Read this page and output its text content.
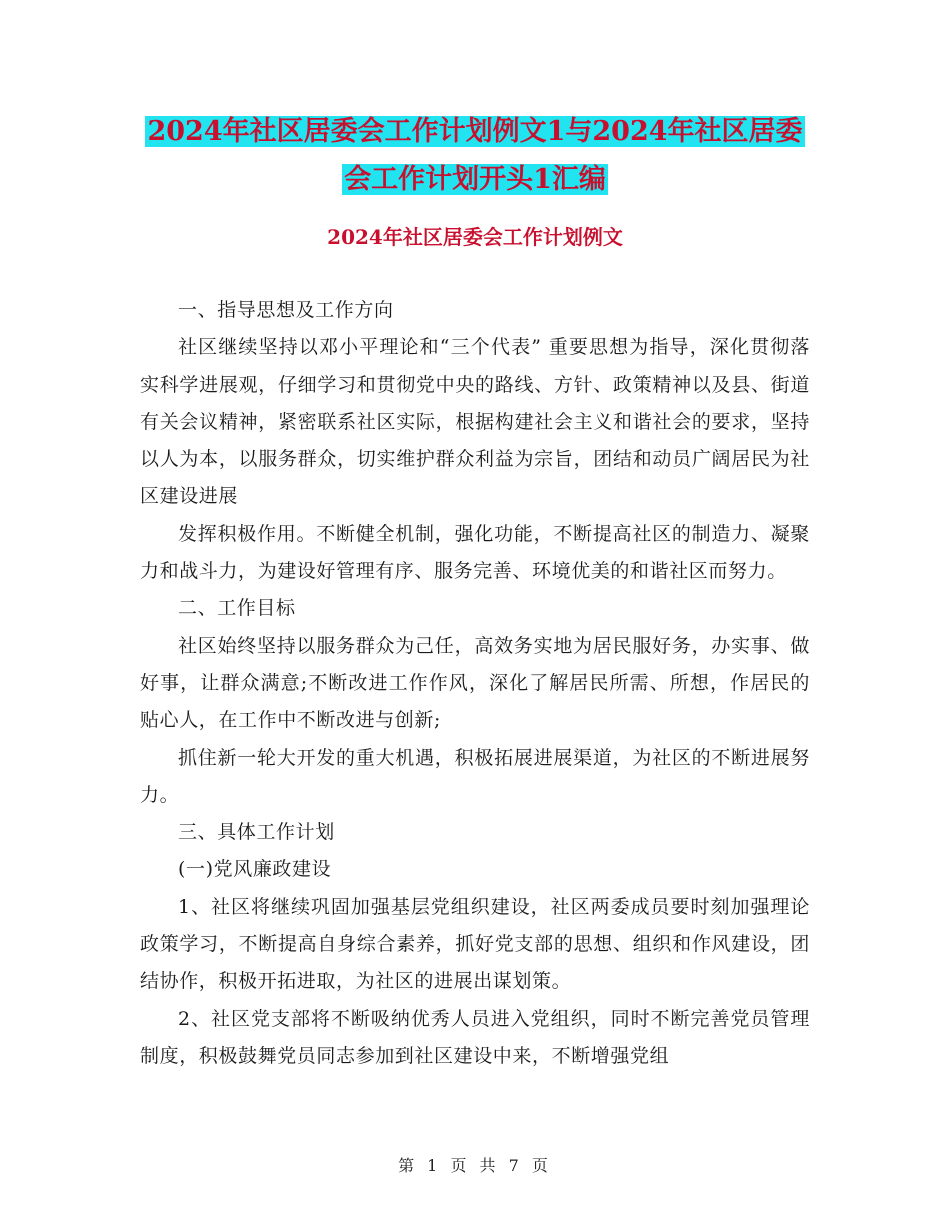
2024年社区居委会工作计划例文1与2024年社区居委
会工作计划开头1汇编
2024年社区居委会工作计划例文

一、指导思想及工作方向

社区继续坚持以邓小平理论和“三个代表” 重要思想为指导，深化贯彻落实科学进展观，仔细学习和贯彻党中央的路线、方针、政策精神以及县、街道有关会议精神，紧密联系社区实际，根据构建社会主义和谐社会的要求，坚持以人为本，以服务群众，切实维护群众利益为宗旨，团结和动员广阔居民为社区建设进展

发挥积极作用。不断健全机制，强化功能，不断提高社区的制造力、凝聚力和战斗力，为建设好管理有序、服务完善、环境优美的和谐社区而努力。

二、工作目标

社区始终坚持以服务群众为己任，高效务实地为居民服好务，办实事、做好事，让群众满意;不断改进工作作风，深化了解居民所需、所想，作居民的贴心人，在工作中不断改进与创新;

抓住新一轮大开发的重大机遇，积极拓展进展渠道，为社区的不断进展努力。

三、具体工作计划

(一)党风廉政建设

1、社区将继续巩固加强基层党组织建设，社区两委成员要时刻加强理论政策学习，不断提高自身综合素养，抓好党支部的思想、组织和作风建设，团结协作，积极开拓进取，为社区的进展出谋划策。

2、社区党支部将不断吸纳优秀人员进入党组织，同时不断完善党员管理制度，积极鼓舞党员同志参加到社区建设中来，不断增强党组

第 1 页 共 7 页
